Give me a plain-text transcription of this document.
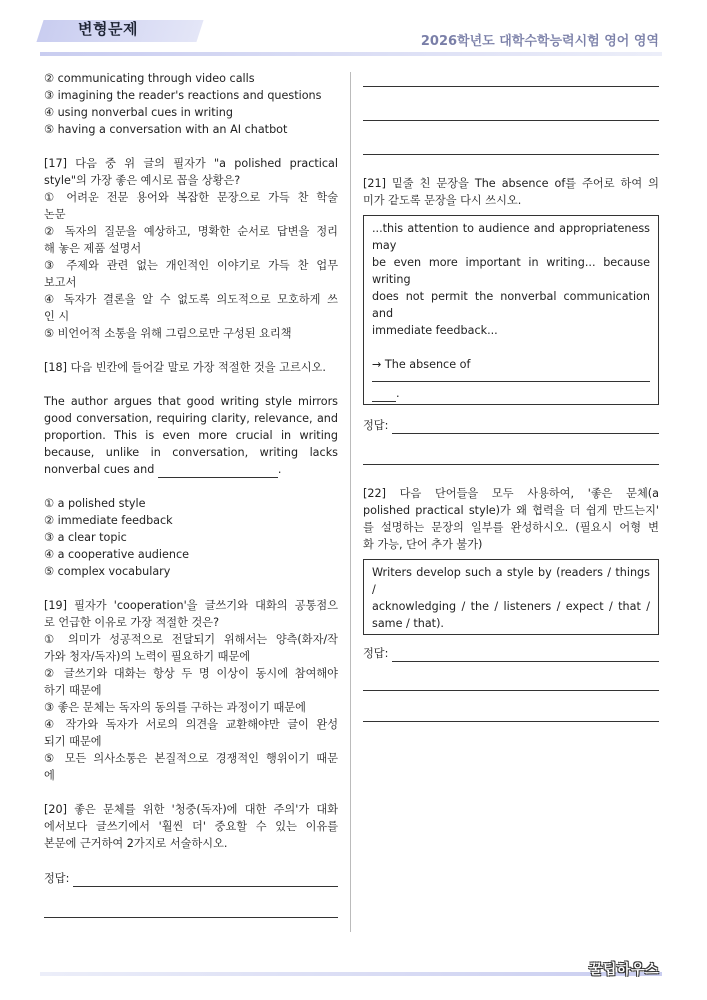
변형문제
2026학년도 대학수학능력시험 영어 영역
② communicating through video calls
③ imagining the reader's reactions and questions
④ using nonverbal cues in writing
⑤ having a conversation with an AI chatbot
[17] 다음 중 위 글의 필자가 "a polished practical
style"의 가장 좋은 예시로 꼽을 상황은?
① 어려운 전문 용어와 복잡한 문장으로 가득 찬 학술
논문
② 독자의 질문을 예상하고, 명확한 순서로 답변을 정리
해 놓은 제품 설명서
③ 주제와 관련 없는 개인적인 이야기로 가득 찬 업무
보고서
④ 독자가 결론을 알 수 없도록 의도적으로 모호하게 쓰
인 시
⑤ 비언어적 소통을 위해 그림으로만 구성된 요리책
[18] 다음 빈칸에 들어갈 말로 가장 적절한 것을 고르시오.
The author argues that good writing style mirrors
good conversation, requiring clarity, relevance, and
proportion. This is even more crucial in writing
because, unlike in conversation, writing lacks
nonverbal cues and	.
① a polished style
② immediate feedback
③ a clear topic
④ a cooperative audience
⑤ complex vocabulary
[19] 필자가 'cooperation'을 글쓰기와 대화의 공통점으
로 언급한 이유로 가장 적절한 것은?
① 의미가 성공적으로 전달되기 위해서는 양측(화자/작
가와 청자/독자)의 노력이 필요하기 때문에
② 글쓰기와 대화는 항상 두 명 이상이 동시에 참여해야
하기 때문에
③ 좋은 문체는 독자의 동의를 구하는 과정이기 때문에
④ 작가와 독자가 서로의 의견을 교환해야만 글이 완성
되기 때문에
⑤ 모든 의사소통은 본질적으로 경쟁적인 행위이기 때문
에
[20] 좋은 문체를 위한 '청중(독자)에 대한 주의'가 대화
에서보다 글쓰기에서 '훨씬 더' 중요할 수 있는 이유를
본문에 근거하여 2가지로 서술하시오.
정답:
[21] 밑줄 친 문장을 The absence of를 주어로 하여 의
미가 같도록 문장을 다시 쓰시오.
...this attention to audience and appropriateness may
be even more important in writing... because writing
does not permit the nonverbal communication and
immediate feedback...
→ The absence of
.
정답:
[22] 다음 단어들을 모두 사용하여, '좋은 문체(a
polished practical style)가 왜 협력을 더 쉽게 만드는지'
를 설명하는 문장의 일부를 완성하시오. (필요시 어형 변
화 가능, 단어 추가 불가)
Writers develop such a style by (readers / things /
acknowledging / the / listeners / expect / that /
same / that).
정답:
꿀팁하우스
